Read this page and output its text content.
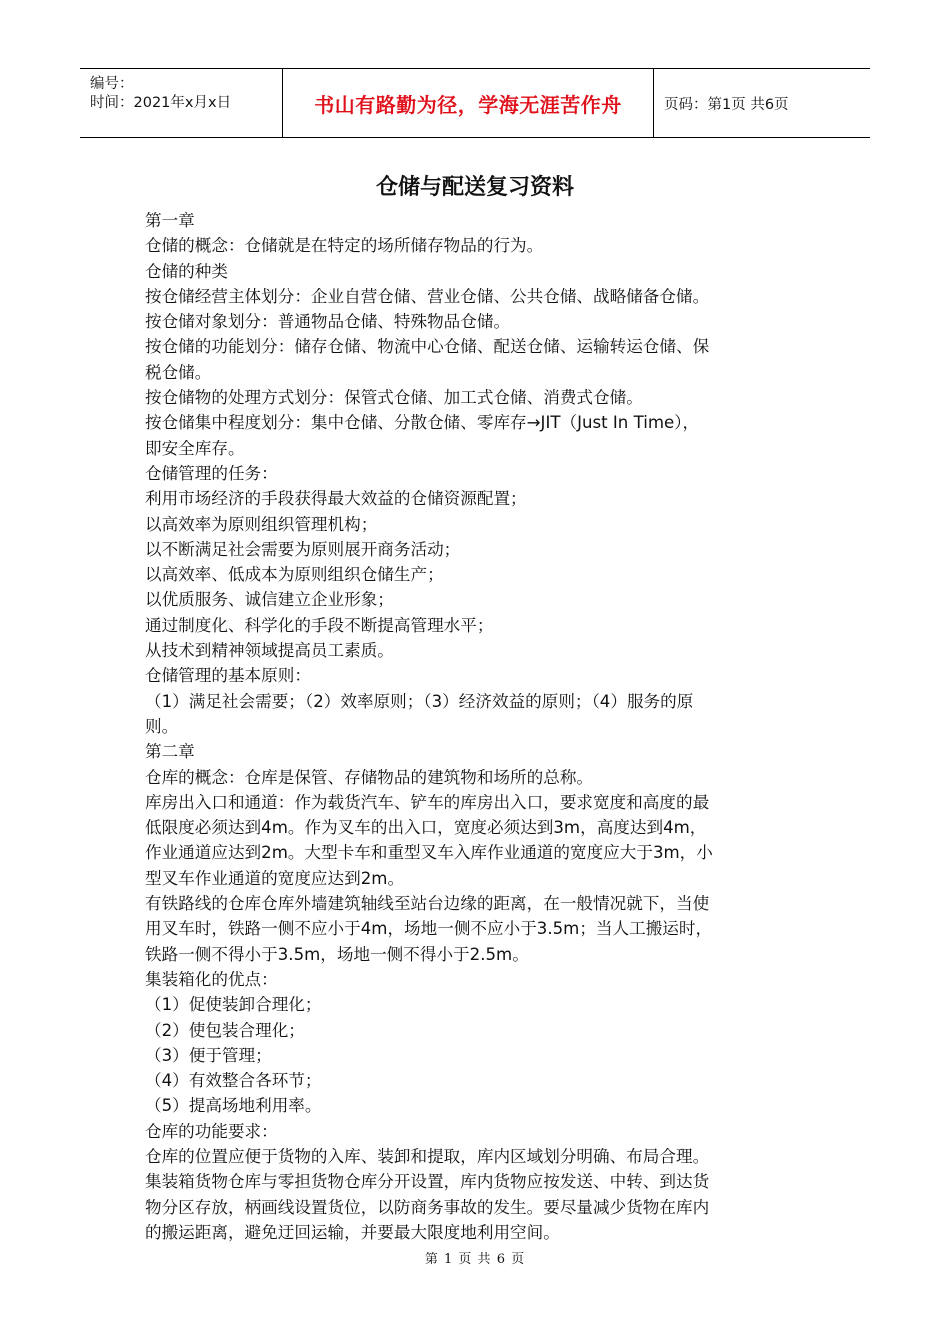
编号：
时间：2021年x月x日	书山有路勤为径，学海无涯苦作舟	页码：第1页 共6页
仓储与配送复习资料

第一章

仓储的概念：仓储就是在特定的场所储存物品的行为。

仓储的种类

按仓储经营主体划分：企业自营仓储、营业仓储、公共仓储、战略储备仓储。

按仓储对象划分：普通物品仓储、特殊物品仓储。

按仓储的功能划分：储存仓储、物流中心仓储、配送仓储、运输转运仓储、保

税仓储。

按仓储物的处理方式划分：保管式仓储、加工式仓储、消费式仓储。

按仓储集中程度划分：集中仓储、分散仓储、零库存→JIT（Just In Time），

即安全库存。

仓储管理的任务：

利用市场经济的手段获得最大效益的仓储资源配置；

以高效率为原则组织管理机构；

以不断满足社会需要为原则展开商务活动；

以高效率、低成本为原则组织仓储生产；

以优质服务、诚信建立企业形象；

通过制度化、科学化的手段不断提高管理水平；

从技术到精神领域提高员工素质。

仓储管理的基本原则：

（1）满足社会需要；（2）效率原则；（3）经济效益的原则；（4）服务的原

则。

第二章

仓库的概念：仓库是保管、存储物品的建筑物和场所的总称。

库房出入口和通道：作为载货汽车、铲车的库房出入口，要求宽度和高度的最

低限度必须达到4m。作为叉车的出入口，宽度必须达到3m，高度达到4m，

作业通道应达到2m。大型卡车和重型叉车入库作业通道的宽度应大于3m，小

型叉车作业通道的宽度应达到2m。

有铁路线的仓库仓库外墙建筑轴线至站台边缘的距离，在一般情况就下，当使

用叉车时，铁路一侧不应小于4m，场地一侧不应小于3.5m；当人工搬运时，

铁路一侧不得小于3.5m，场地一侧不得小于2.5m。

集装箱化的优点：

（1）促使装卸合理化；

（2）使包装合理化；

（3）便于管理；

（4）有效整合各环节；

（5）提高场地利用率。

仓库的功能要求：

仓库的位置应便于货物的入库、装卸和提取，库内区域划分明确、布局合理。

集装箱货物仓库与零担货物仓库分开设置，库内货物应按发送、中转、到达货

物分区存放，柄画线设置货位，以防商务事故的发生。要尽量减少货物在库内

的搬运距离，避免迂回运输，并要最大限度地利用空间。

第 1 页 共 6 页
